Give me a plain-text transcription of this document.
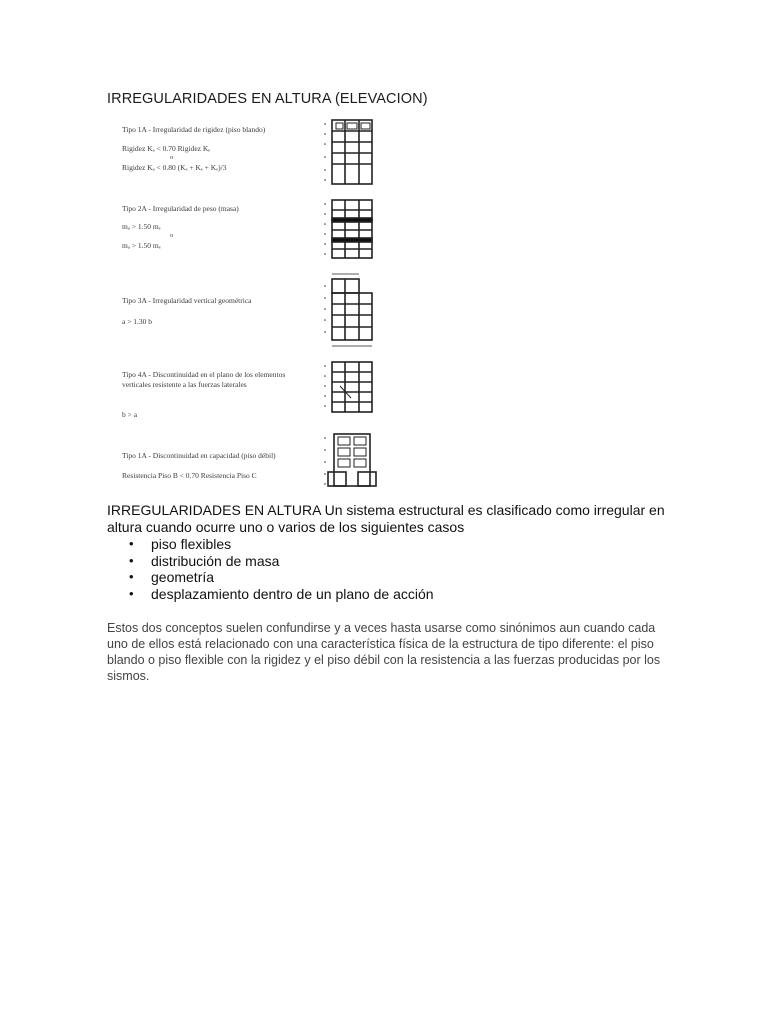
IRREGULARIDADES EN ALTURA (ELEVACION)
Tipo 1A - Irregularidad de rigidez (piso blando)
Rigidez Kₐ < 0.70 Rigidez Kₑ
o
Rigidez Kₐ < 0.80 (Kₑ + Kₑ + Kₑ)/3
Tipo 2A - Irregularidad de peso (masa)
mₐ > 1.50 mₑ
o
mₐ > 1.50 mₑ
Tipo 3A - Irregularidad vertical geométrica
a > 1.30 b
Tipo 4A - Discontinuidad en el plano de los elementos verticales resistente a las fuerzas laterales
b > a
Tipo 1A - Discontinuidad en capacidad (piso débil)
Resistencia Piso B < 0.70 Resistencia Piso C

IRREGULARIDADES EN ALTURA Un sistema estructural es clasificado como irregular en altura cuando ocurre uno o varios de los siguientes casos

• piso flexibles
• distribución de masa
• geometría
• desplazamiento dentro de un plano de acción
Estos dos conceptos suelen confundirse y a veces hasta usarse como sinónimos aun cuando cada uno de ellos está relacionado con una característica física de la estructura de tipo diferente: el piso blando o piso flexible con la rigidez y el piso débil con la resistencia a las fuerzas producidas por los sismos.
